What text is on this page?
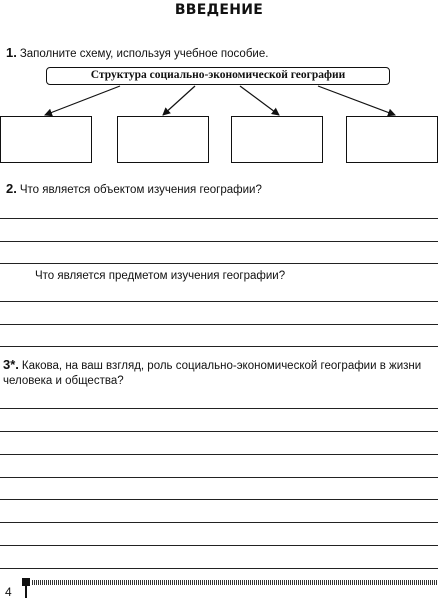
ВВЕДЕНИЕ
1. Заполните схему, используя учебное пособие.
Структура социально-экономической географии
2. Что является объектом изучения географии?
Что является предметом изучения географии?
3*. Какова, на ваш взгляд, роль социально-экономической географии в жизни человека и общества?
4
